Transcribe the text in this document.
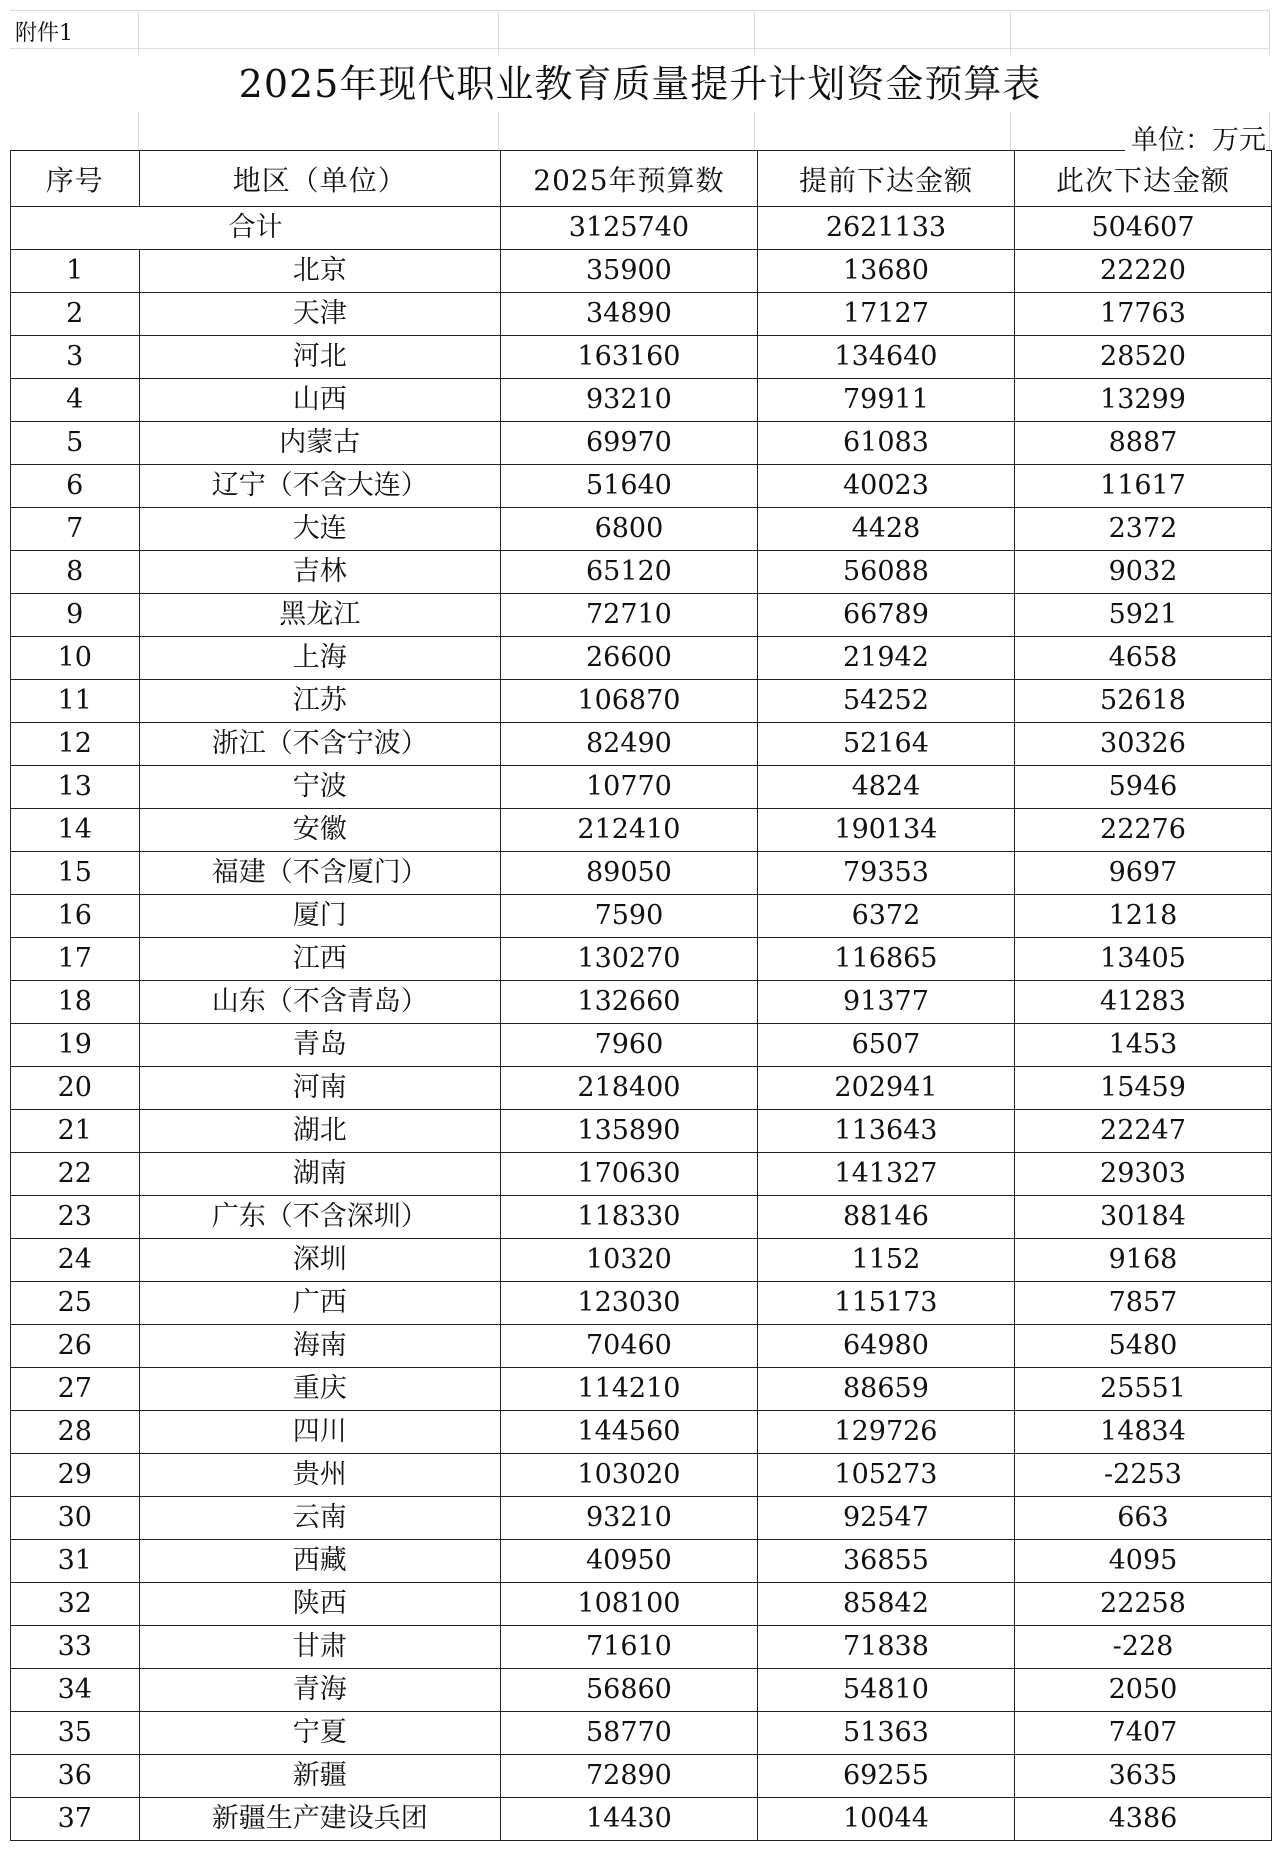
附件1
2025年现代职业教育质量提升计划资金预算表
单位：万元
序号	地区（单位）	2025年预算数	提前下达金额	此次下达金额
合计		3125740	2621133	504607
1	北京	35900	13680	22220
2	天津	34890	17127	17763
3	河北	163160	134640	28520
4	山西	93210	79911	13299
5	内蒙古	69970	61083	8887
6	辽宁（不含大连）	51640	40023	11617
7	大连	6800	4428	2372
8	吉林	65120	56088	9032
9	黑龙江	72710	66789	5921
10	上海	26600	21942	4658
11	江苏	106870	54252	52618
12	浙江（不含宁波）	82490	52164	30326
13	宁波	10770	4824	5946
14	安徽	212410	190134	22276
15	福建（不含厦门）	89050	79353	9697
16	厦门	7590	6372	1218
17	江西	130270	116865	13405
18	山东（不含青岛）	132660	91377	41283
19	青岛	7960	6507	1453
20	河南	218400	202941	15459
21	湖北	135890	113643	22247
22	湖南	170630	141327	29303
23	广东（不含深圳）	118330	88146	30184
24	深圳	10320	1152	9168
25	广西	123030	115173	7857
26	海南	70460	64980	5480
27	重庆	114210	88659	25551
28	四川	144560	129726	14834
29	贵州	103020	105273	-2253
30	云南	93210	92547	663
31	西藏	40950	36855	4095
32	陕西	108100	85842	22258
33	甘肃	71610	71838	-228
34	青海	56860	54810	2050
35	宁夏	58770	51363	7407
36	新疆	72890	69255	3635
37	新疆生产建设兵团	14430	10044	4386
